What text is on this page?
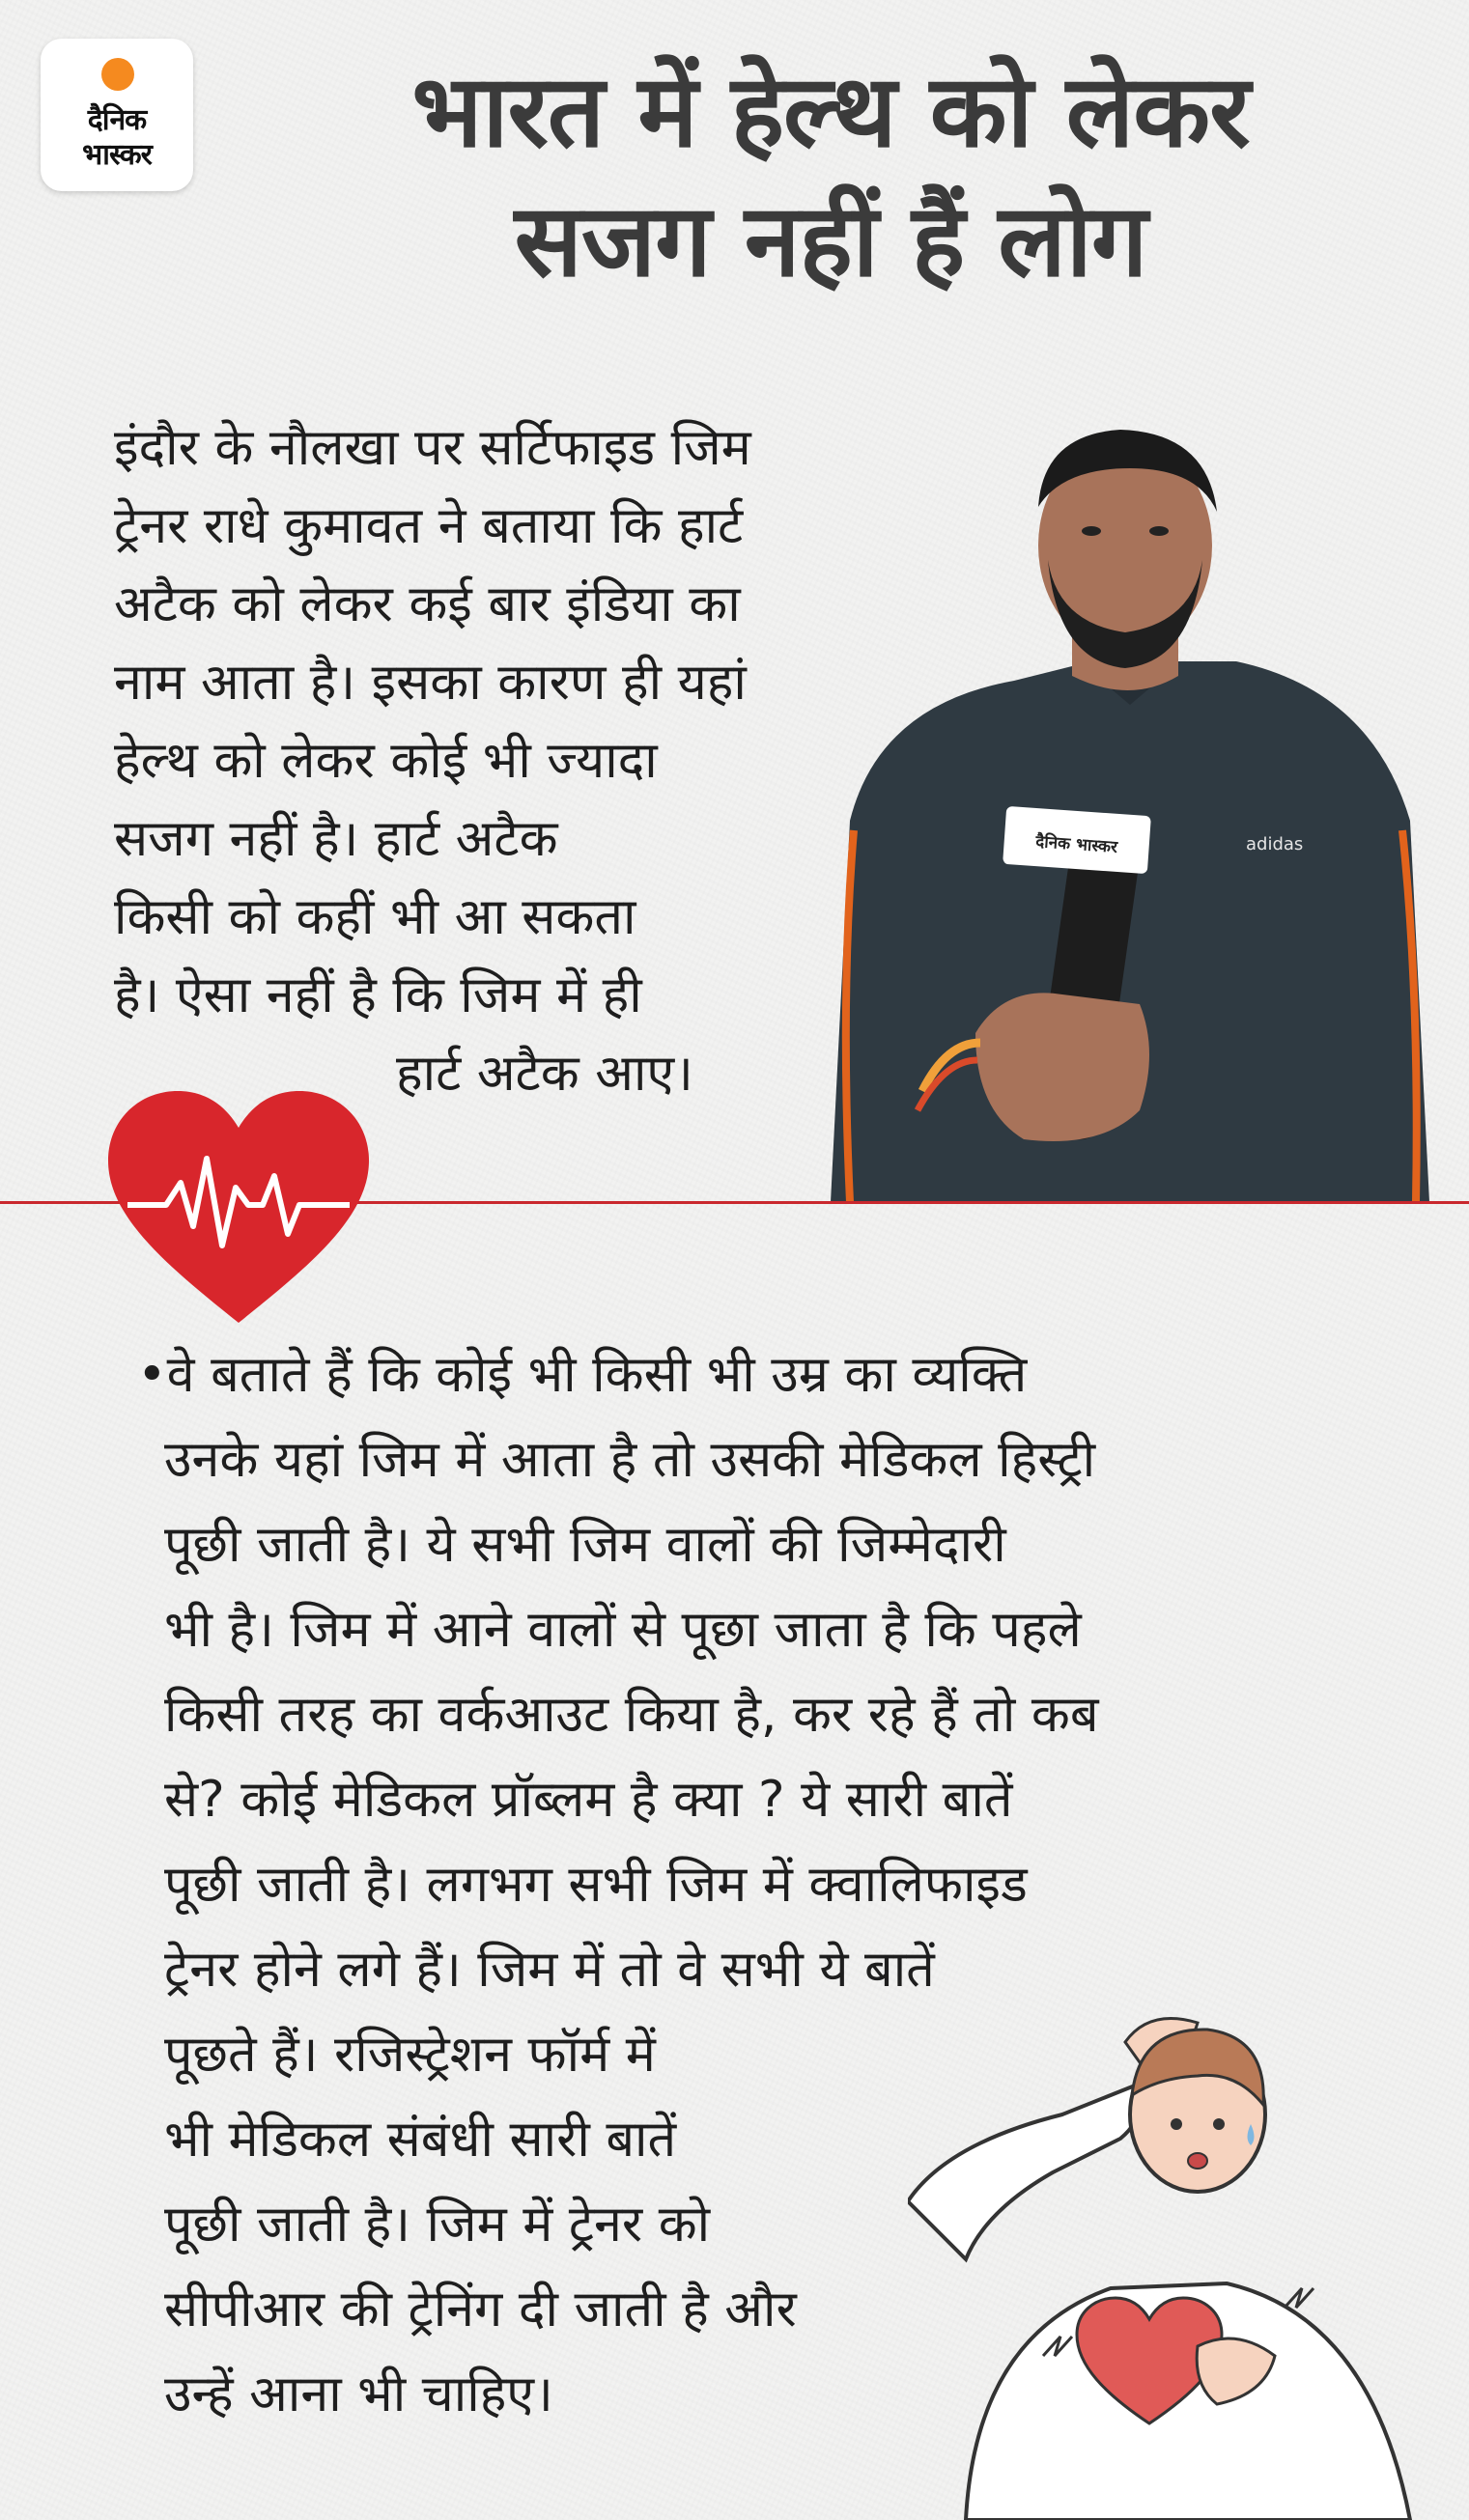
दैनिक
भास्कर	भारत में हेल्थ को लेकर
सजग नहीं हैं लोग
इंदौर के नौलखा पर सर्टिफाइड जिम
ट्रेनर राधे कुमावत ने बताया कि हार्ट
अटैक को लेकर कई बार इंडिया का
नाम आता है। इसका कारण ही यहां
हेल्थ को लेकर कोई भी ज्यादा
सजग नहीं है। हार्ट अटैक
किसी को कहीं भी आ सकता
है। ऐसा नहीं है कि जिम में ही
हार्ट अटैक आए।
दैनिक भास्कर	adidas
•वे बताते हैं कि कोई भी किसी भी उम्र का व्यक्ति
उनके यहां जिम में आता है तो उसकी मेडिकल हिस्ट्री
पूछी जाती है। ये सभी जिम वालों की जिम्मेदारी
भी है। जिम में आने वालों से पूछा जाता है कि पहले
किसी तरह का वर्कआउट किया है, कर रहे हैं तो कब
से? कोई मेडिकल प्रॉब्लम है क्या ? ये सारी बातें
पूछी जाती है। लगभग सभी जिम में क्वालिफाइड
ट्रेनर होने लगे हैं। जिम में तो वे सभी ये बातें
पूछते हैं। रजिस्ट्रेशन फॉर्म में
भी मेडिकल संबंधी सारी बातें
पूछी जाती है। जिम में ट्रेनर को
सीपीआर की ट्रेनिंग दी जाती है और
उन्हें आना भी चाहिए।
